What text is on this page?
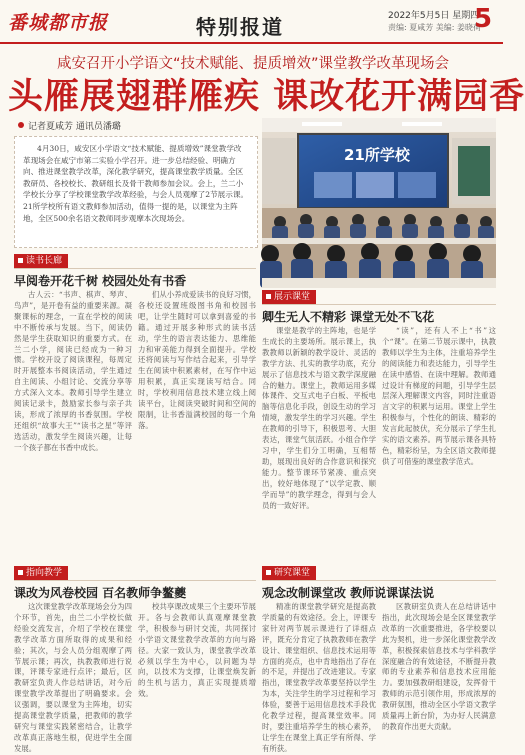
番城都市报	特别报道	2022年5月5日 星期四
责编: 夏咸芳 美编: 姜晓荷
5
咸安召开小学语文“技术赋能、提质增效”课堂教学改革现场会
头雁展翅群雁疾 课改花开满园香
记者夏咸芳 通讯员潘璐

4月30日，咸安区小学语文“技术赋能、提质增效”课堂教学改革现场会在咸宁市第二实验小学召开。进一步总结经验、明确方向、推进课堂教学改革，深化教学研究，提高课堂教学质量。全区教研员、各校校长、教研组长及骨干教师参加会议。会上，兰二小学校长分享了学校课堂教学改革经验，与会人员观摩了2节展示课。21所学校所有语文教师参加活动，值得一提的是，以课堂为主阵地，全区500余名语文教师同步观摩本次现场会。

21所学校
读书长廊
早阅卷开花千树 校园处处有书香

古人云：“书声、棋声、琴声、鸟声”，是开卷有益的重要来源。凝聚课标的理念，一直在学校的阅读中不断传承与发展。当下，阅读仍然是学生获取知识的重要方式。在兰二小学，阅读已经成为一种习惯。学校开设了阅读课程，每周定时开展整本书阅读活动，学生通过自主阅读、小组讨论、交流分享等方式深入文本。教师引导学生建立阅读记录卡，鼓励家长参与亲子共读，形成了浓厚的书香氛围。学校还组织“故事大王”“读书之星”等评选活动，激发学生阅读兴趣，让每一个孩子都在书香中成长。

们从小养成爱读书的良好习惯，各校还设置班级图书角和校园书吧，让学生随时可以拿到喜爱的书籍。通过开展多种形式的读书活动，学生的语言表达能力、思维能力和审美能力得到全面提升。学校还将阅读与写作结合起来，引导学生在阅读中积累素材，在写作中运用积累，真正实现读写结合。同时，学校利用信息技术建立线上阅读平台，让阅读突破时间和空间的限制，让书香溢满校园的每一个角落。

指向教学
课改为风卷校园 百名教师争鳌夔

这次课堂教学改革现场会分为四个环节，首先，由兰二小学校长做经验交流发言，介绍了学校在课堂教学改革方面所取得的成果和经验；其次，与会人员分组观摩了两节展示课；再次，执教教师进行说课，评课专家进行点评；最后，区教研室负责人作总结讲话，对今后课堂教学改革提出了明确要求。会议强调，要以课堂为主阵地，切实提高课堂教学质量，把教师的教学研究与课堂实践紧密结合，让教学改革真正落地生根，促进学生全面发展。

校共享课改成果三个主要环节展开。各与会教师认真观摩课堂教学，积极参与研讨交流，共同探讨小学语文课堂教学改革的方向与路径。大家一致认为，课堂教学改革必须以学生为中心，以问题为导向，以技术为支撑，让课堂焕发新的生机与活力，真正实现提质增效。

展示课堂
卿生无人不精彩 课堂无处不飞花

课堂是教学的主阵地，也是学生成长的主要场所。展示课上，执教教师以新颖的教学设计、灵活的教学方法、扎实的教学功底，充分展示了信息技术与语文教学深度融合的魅力。课堂上，教师运用多媒体课件、交互式电子白板、平板电脑等信息化手段，创设生动的学习情境，激发学生的学习兴趣。学生在教师的引导下，积极思考、大胆表达，课堂气氛活跃。小组合作学习中，学生们分工明确，互相帮助，展现出良好的合作意识和探究能力。整节课环节紧凑、重点突出，较好地体现了“以学定教、顺学而导”的教学理念，得到与会人员的一致好评。

“读”，还有人不上“书”这个“课”。在第二节展示课中，执教教师以学生为主体，注重培养学生的阅读能力和表达能力，引导学生在读中感悟、在读中理解。教师通过设计有梯度的问题，引导学生层层深入理解课文内容，同时注重语言文字的积累与运用。课堂上学生积极参与，个性化的朗读、精彩的发言此起彼伏，充分展示了学生扎实的语文素养。两节展示课各具特色，精彩纷呈，为全区语文教师提供了可借鉴的课堂教学范式。

研究课堂
观念改制课堂改 教师说课谋法说

精准的课堂教学研究是提高教学质量的有效途径。会上，评课专家针对两节展示课进行了详细点评，既充分肯定了执教教师在教学设计、课堂组织、信息技术运用等方面的亮点，也中肯地指出了存在的不足，并提出了改进建议。专家指出，课堂教学改革要坚持以学生为本，关注学生的学习过程和学习体验，要善于运用信息技术手段优化教学过程，提高课堂效率。同时，要注重培养学生的核心素养，让学生在课堂上真正学有所得、学有所获。

区教研室负责人在总结讲话中指出，此次现场会是全区课堂教学改革的一次重要推进，各学校要以此为契机，进一步深化课堂教学改革，积极探索信息技术与学科教学深度融合的有效途径，不断提升教师的专业素养和信息技术应用能力。要加强教研组建设，发挥骨干教师的示范引领作用，形成浓厚的教研氛围，推动全区小学语文教学质量再上新台阶，为办好人民满意的教育作出更大贡献。
